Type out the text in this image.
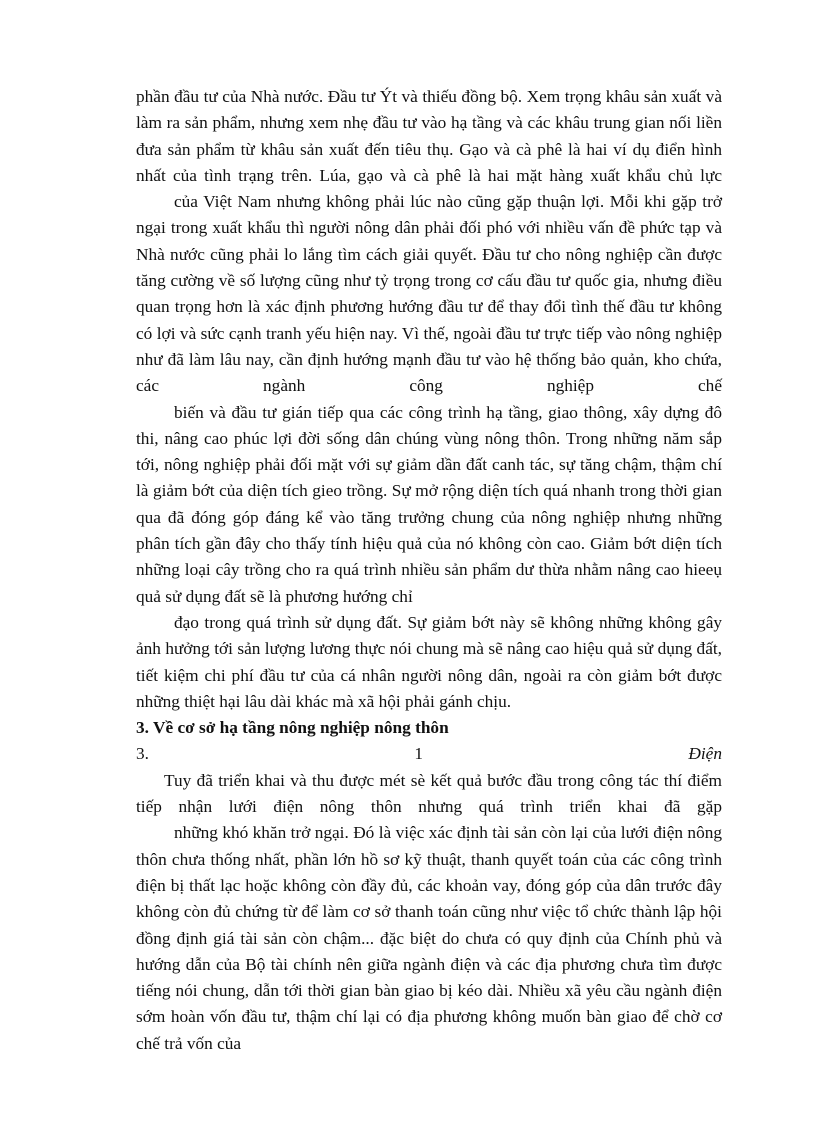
phần đầu tư của Nhà nước. Đầu tư Ýt và thiếu đồng bộ. Xem trọng khâu sản xuất và làm ra sản phẩm, nhưng xem nhẹ đầu tư vào hạ tầng và các khâu trung gian nối liền đưa sản phẩm từ khâu sản xuất đến tiêu thụ. Gạo và cà phê là hai ví dụ điển hình nhất của tình trạng trên. Lúa, gạo và cà phê là hai mặt hàng xuất khẩu chủ lực

của Việt Nam nhưng không phải lúc nào cũng gặp thuận lợi. Mỗi khi gặp trở ngại trong xuất khẩu thì người nông dân phải đối phó với nhiều vấn đề phức tạp và Nhà nước cũng phải lo lắng tìm cách giải quyết. Đầu tư cho nông nghiệp cần được tăng cường về số lượng cũng như tỷ trọng trong cơ cấu đầu tư quốc gia, nhưng điều quan trọng hơn là xác định phương hướng đầu tư để thay đổi tình thế đầu tư không có lợi và sức cạnh tranh yếu hiện nay. Vì thế, ngoài đầu tư trực tiếp vào nông nghiệp như đã làm lâu nay, cần định hướng mạnh đầu tư vào hệ thống bảo quản, kho chứa, các ngành công nghiệp chế

biến và đầu tư gián tiếp qua các công trình hạ tầng, giao thông, xây dựng đô thi, nâng cao phúc lợi đời sống dân chúng vùng nông thôn. Trong những năm sắp tới, nông nghiệp phải đối mặt với sự giảm dần đất canh tác, sự tăng chậm, thậm chí là giảm bớt của diện tích gieo trồng. Sự mở rộng diện tích quá nhanh trong thời gian qua đã đóng góp đáng kể vào tăng trưởng chung của nông nghiệp nhưng những phân tích gần đây cho thấy tính hiệu quả của nó không còn cao. Giảm bớt diện tích những loại cây trồng cho ra quá trình nhiều sản phẩm dư thừa nhằm nâng cao hieeụ quả sử dụng đất sẽ là phương hướng chỉ

đạo trong quá trình sử dụng đất. Sự giảm bớt này sẽ không những không gây ảnh hưởng tới sản lượng lương thực nói chung mà sẽ nâng cao hiệu quả sử dụng đất, tiết kiệm chi phí đầu tư của cá nhân người nông dân, ngoài ra còn giảm bớt được những thiệt hại lâu dài khác mà xã hội phải gánh chịu.

3. Về cơ sở hạ tầng nông nghiệp nông thôn

3.	1	Điện

Tuy đã triển khai và thu được mét sè kết quả bước đầu trong công tác thí điểm tiếp nhận lưới điện nông thôn nhưng quá trình triển khai đã gặp

những khó khăn trở ngại. Đó là việc xác định tài sản còn lại của lưới điện nông thôn chưa thống nhất, phần lớn hồ sơ kỹ thuật, thanh quyết toán của các công trình điện bị thất lạc hoặc không còn đầy đủ, các khoản vay, đóng góp của dân trước đây không còn đủ chứng từ để làm cơ sở thanh toán cũng như việc tổ chức thành lập hội đồng định giá tài sản còn chậm... đặc biệt do chưa có quy định của Chính phủ và hướng dẫn của Bộ tài chính nên giữa ngành điện và các địa phương chưa tìm được tiếng nói chung, dẫn tới thời gian bàn giao bị kéo dài. Nhiều xã yêu cầu ngành điện sớm hoàn vốn đầu tư, thậm chí lại có địa phương không muốn bàn giao để chờ cơ chế trả vốn của
